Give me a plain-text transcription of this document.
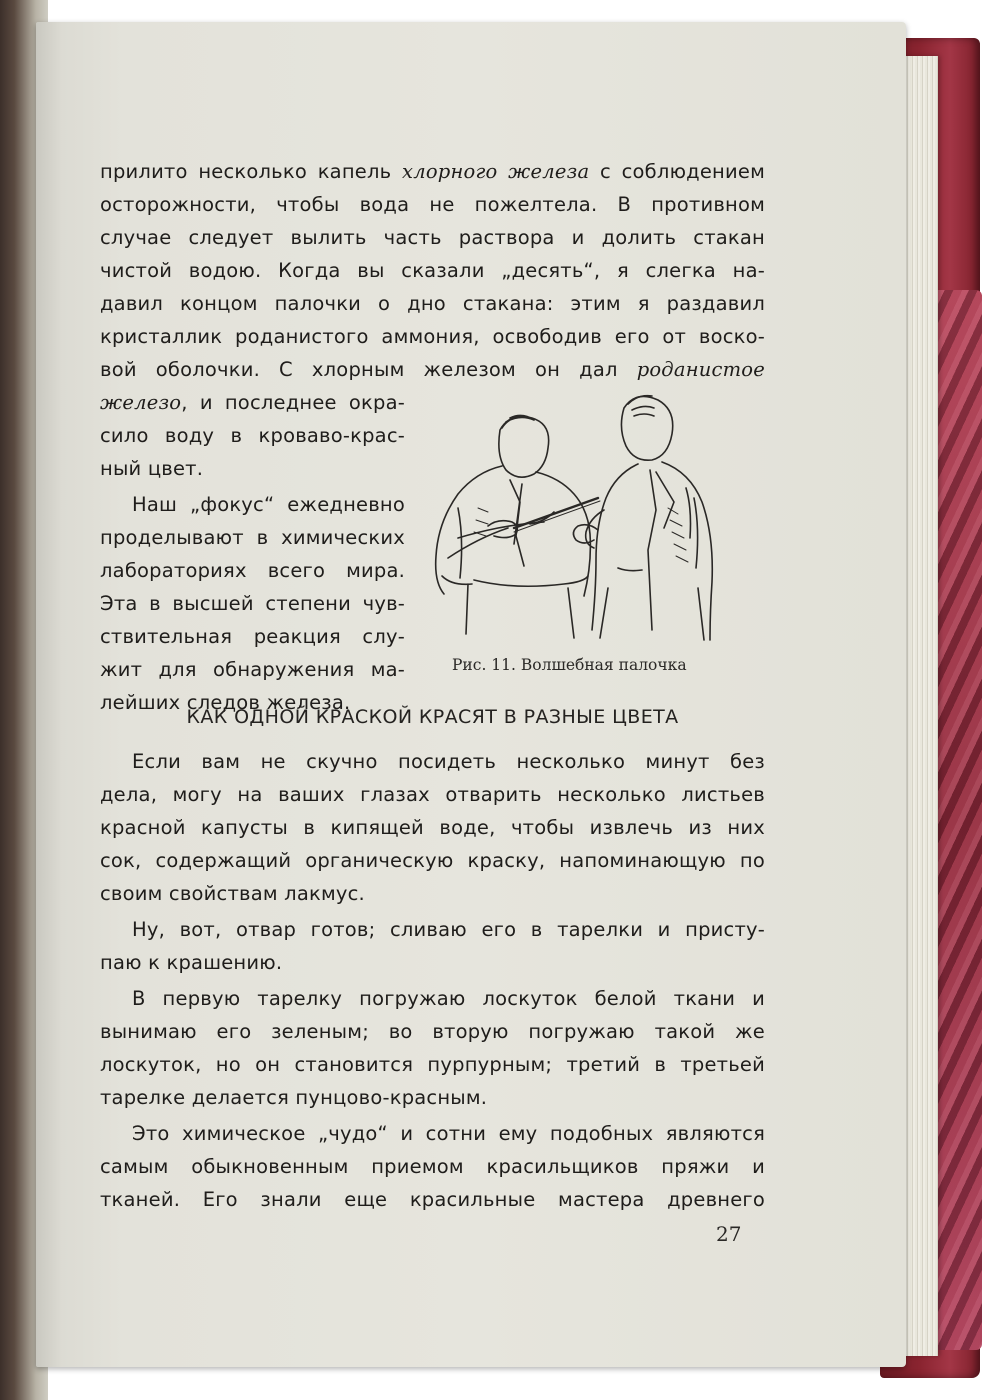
прилито несколько капель хлорного железа с соблюдением
осторожности, чтобы вода не пожелтела. В противном
случае следует вылить часть раствора и долить стакан
чистой водою. Когда вы сказали „десять“, я слегка на-
давил концом палочки о дно стакана: этим я раздавил
кристаллик роданистого аммония, освободив его от воско-
вой оболочки. С хлорным железом он дал роданистое
железо, и последнее окра-
сило воду в кроваво-крас-
ный цвет.
Наш „фокус“ ежедневно
проделывают в химических
лабораториях всего мира.
Эта в высшей степени чув-
ствительная реакция слу-
жит для обнаружения ма-
лейших следов железа.
Рис. 11. Волшебная палочка
КАК ОДНОЙ КРАСКОЙ КРАСЯТ В РАЗНЫЕ ЦВЕТА
Если вам не скучно посидеть несколько минут без
дела, могу на ваших глазах отварить несколько листьев
красной капусты в кипящей воде, чтобы извлечь из них
сок, содержащий органическую краску, напоминающую по
своим свойствам лакмус.
Ну, вот, отвар готов; сливаю его в тарелки и присту-
паю к крашению.
В первую тарелку погружаю лоскуток белой ткани и
вынимаю его зеленым; во вторую погружаю такой же
лоскуток, но он становится пурпурным; третий в третьей
тарелке делается пунцово-красным.
Это химическое „чудо“ и сотни ему подобных являются
самым обыкновенным приемом красильщиков пряжи и
тканей. Его знали еще красильные мастера древнего
27
